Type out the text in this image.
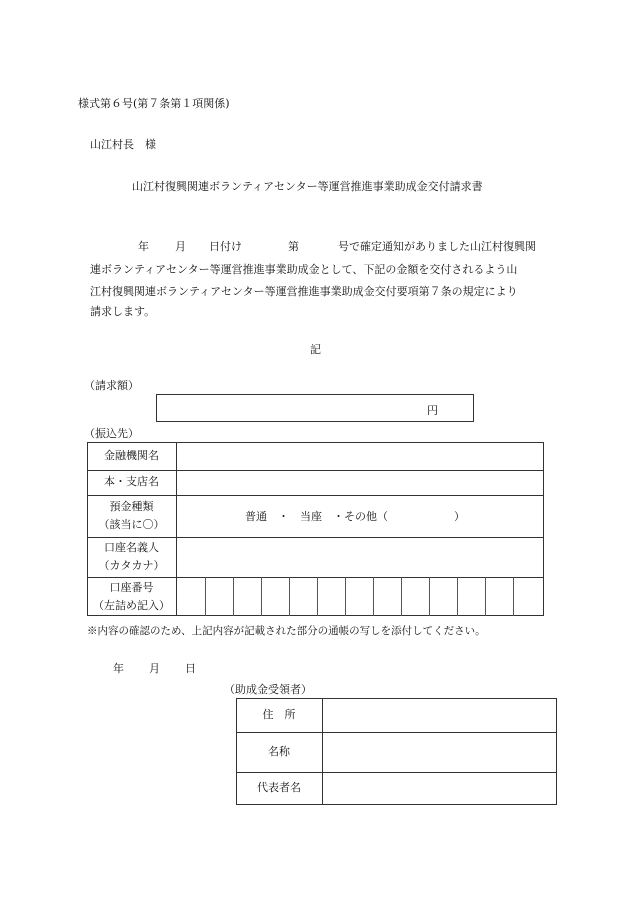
様式第６号(第７条第１項関係)
山江村長　様
山江村復興関連ボランティアセンター等運営推進事業助成金交付請求書
年 月 日付け	第	号で確定通知がありました山江村復興関
連ボランティアセンター等運営推進事業助成金として、下記の金額を交付されるよう山
江村復興関連ボランティアセンター等運営推進事業助成金交付要項第７条の規定により
請求します。
記
（請求額）
円
（振込先）
金融機関名
本・支店名
預金種類
（該当に〇）
普通　・　当座　・その他（　　　　　　）
口座名義人
（カタカナ）
口座番号
（左詰め記入）
※内容の確認のため、上記内容が記載された部分の通帳の写しを添付してください。
年 月 日
（助成金受領者）
住　所
名称
代表者名
